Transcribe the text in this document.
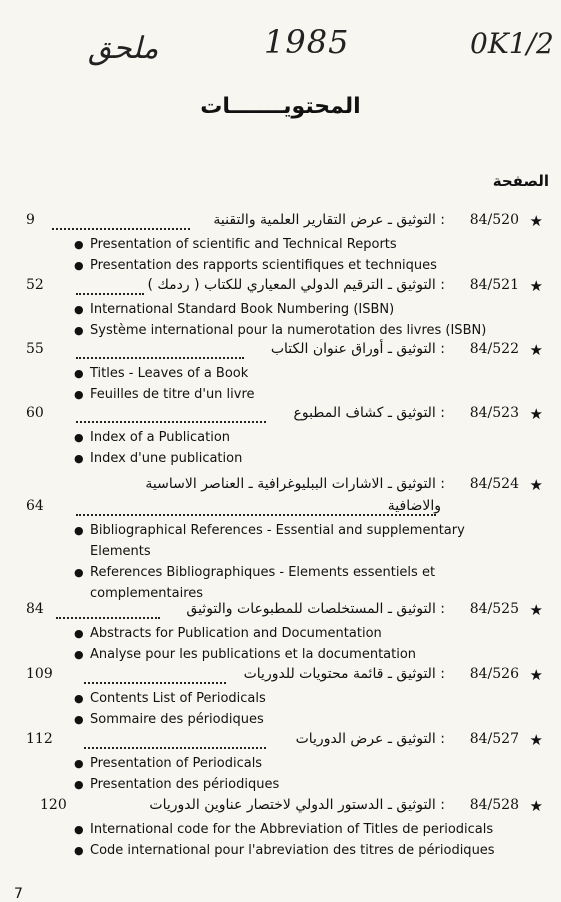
0K1/2
1985
ملحق
المحتويـــــــات
الصفحة
9	: التوثيق ـ عرض التقارير العلمية والتقنية 84/520 ★
● Presentation of scientific and Technical Reports
● Presentation des rapports scientifiques et techniques
52	: التوثيق ـ الترقيم الدولي المعياري للكتاب ( ردمك ) 84/521 ★
● International Standard Book Numbering (ISBN)
● Système international pour la numerotation des livres (ISBN)
55	: التوثيق ـ أوراق عنوان الكتاب 84/522 ★
● Titles - Leaves of a Book
● Feuilles de titre d'un livre
60	: التوثيق ـ كشاف المطبوع 84/523 ★
● Index of a Publication
● Index d'une publication
: التوثيق ـ الاشارات الببليوغرافية ـ العناصر الاساسية 84/524 ★
64	والاضافية
● Bibliographical References - Essential and supplementary Elements
● References Bibliographiques - Elements essentiels et complementaires
84	: التوثيق ـ المستخلصات للمطبوعات والتوثيق 84/525 ★
● Abstracts for Publication and Documentation
● Analyse pour les publications et la documentation
109	: التوثيق ـ قائمة محتويات للدوريات 84/526 ★
● Contents List of Periodicals
● Sommaire des périodiques
112	: التوثيق ـ عرض الدوريات 84/527 ★
● Presentation of Periodicals
● Presentation des périodiques
120	: التوثيق ـ الدستور الدولي لاختصار عناوين الدوريات 84/528 ★
● International code for the Abbreviation of Titles de periodicals
● Code international pour l'abreviation des titres de périodiques
7
